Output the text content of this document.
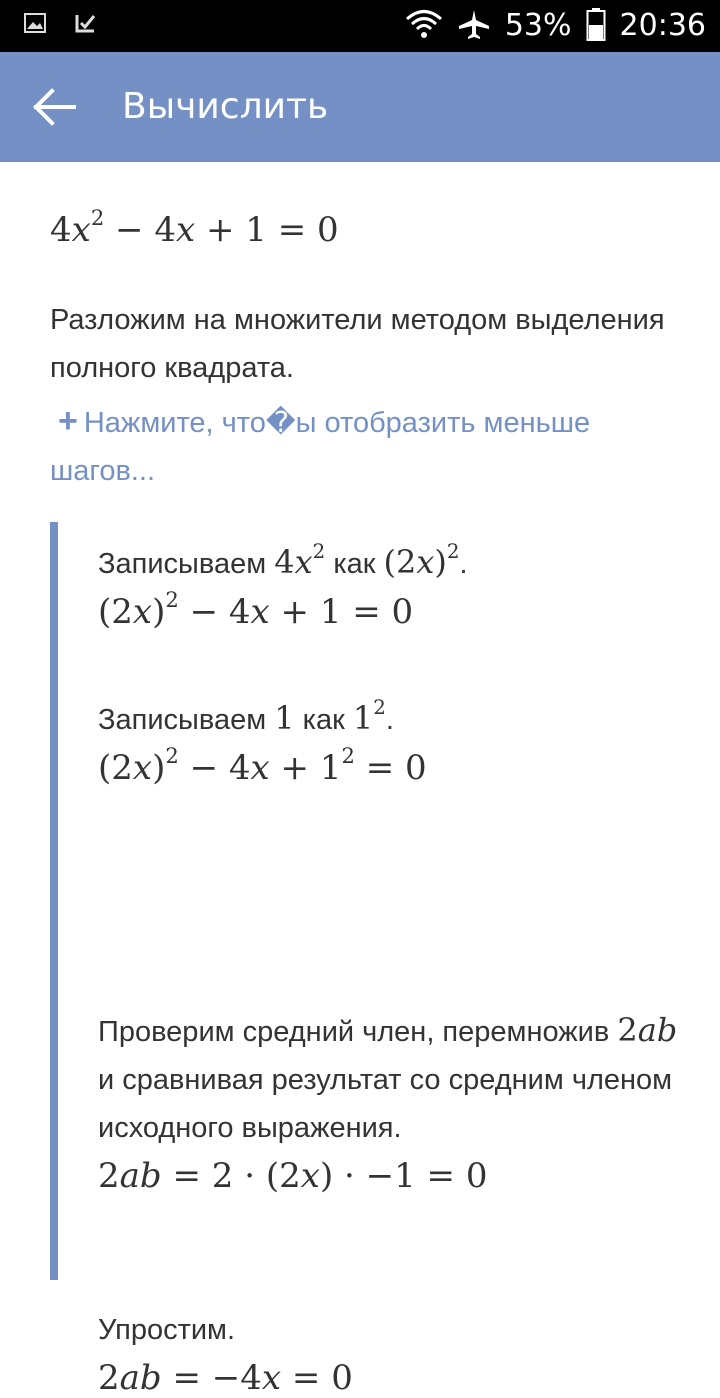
53% 20:36
Вычислить
$4x^2 - 4x + 1 = 0$
Разложим на множители методом выделения полного квадрата.
+ Нажмите, что�ы отобразить меньше шагов...
Записываем $4x^2$ как $(2x)^2$.
$(2x)^2 - 4x + 1 = 0$
Записываем 1 как $1^2$.
$(2x)^2 - 4x + 1^2 = 0$
Проверим средний член, перемножив 2ab и сравнивая результат со средним членом исходного выражения.
2ab = 2 · (2x) · −1 = 0
Упростим.
2ab = −4x = 0
